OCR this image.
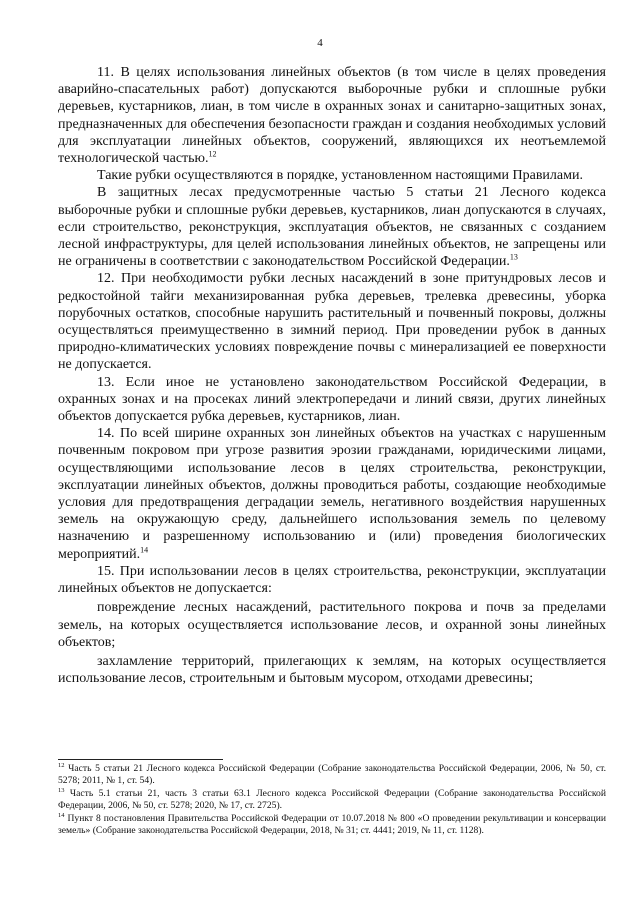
4

11. В целях использования линейных объектов (в том числе в целях проведения аварийно-спасательных работ) допускаются выборочные рубки и сплошные рубки деревьев, кустарников, лиан, в том числе в охранных зонах и санитарно-защитных зонах, предназначенных для обеспечения безопасности граждан и создания необходимых условий для эксплуатации линейных объектов, сооружений, являющихся их неотъемлемой технологической частью.$^{12}$

Такие рубки осуществляются в порядке, установленном настоящими Правилами.

В защитных лесах предусмотренные частью 5 статьи 21 Лесного кодекса выборочные рубки и сплошные рубки деревьев, кустарников, лиан допускаются в случаях, если строительство, реконструкция, эксплуатация объектов, не связанных с созданием лесной инфраструктуры, для целей использования линейных объектов, не запрещены или не ограничены в соответствии с законодательством Российской Федерации.$^{13}$

12. При необходимости рубки лесных насаждений в зоне притундровых лесов и редкостойной тайги механизированная рубка деревьев, трелевка древесины, уборка порубочных остатков, способные нарушить растительный и почвенный покровы, должны осуществляться преимущественно в зимний период. При проведении рубок в данных природно-климатических условиях повреждение почвы с минерализацией ее поверхности не допускается.

13. Если иное не установлено законодательством Российской Федерации, в охранных зонах и на просеках линий электропередачи и линий связи, других линейных объектов допускается рубка деревьев, кустарников, лиан.

14. По всей ширине охранных зон линейных объектов на участках с нарушенным почвенным покровом при угрозе развития эрозии гражданами, юридическими лицами, осуществляющими использование лесов в целях строительства, реконструкции, эксплуатации линейных объектов, должны проводиться работы, создающие необходимые условия для предотвращения деградации земель, негативного воздействия нарушенных земель на окружающую среду, дальнейшего использования земель по целевому назначению и разрешенному использованию и (или) проведения биологических мероприятий.$^{14}$

15. При использовании лесов в целях строительства, реконструкции, эксплуатации линейных объектов не допускается:

повреждение лесных насаждений, растительного покрова и почв за пределами земель, на которых осуществляется использование лесов, и охранной зоны линейных объектов;

захламление территорий, прилегающих к землям, на которых осуществляется использование лесов, строительным и бытовым мусором, отходами древесины;

$^{12}$ Часть 5 статьи 21 Лесного кодекса Российской Федерации (Собрание законодательства Российской Федерации, 2006, № 50, ст. 5278; 2011, № 1, ст. 54).

$^{13}$ Часть 5.1 статьи 21, часть 3 статьи 63.1 Лесного кодекса Российской Федерации (Собрание законодательства Российской Федерации, 2006, № 50, ст. 5278; 2020, № 17, ст. 2725).

$^{14}$ Пункт 8 постановления Правительства Российской Федерации от 10.07.2018 № 800 «О проведении рекультивации и консервации земель» (Собрание законодательства Российской Федерации, 2018, № 31; ст. 4441; 2019, № 11, ст. 1128).
